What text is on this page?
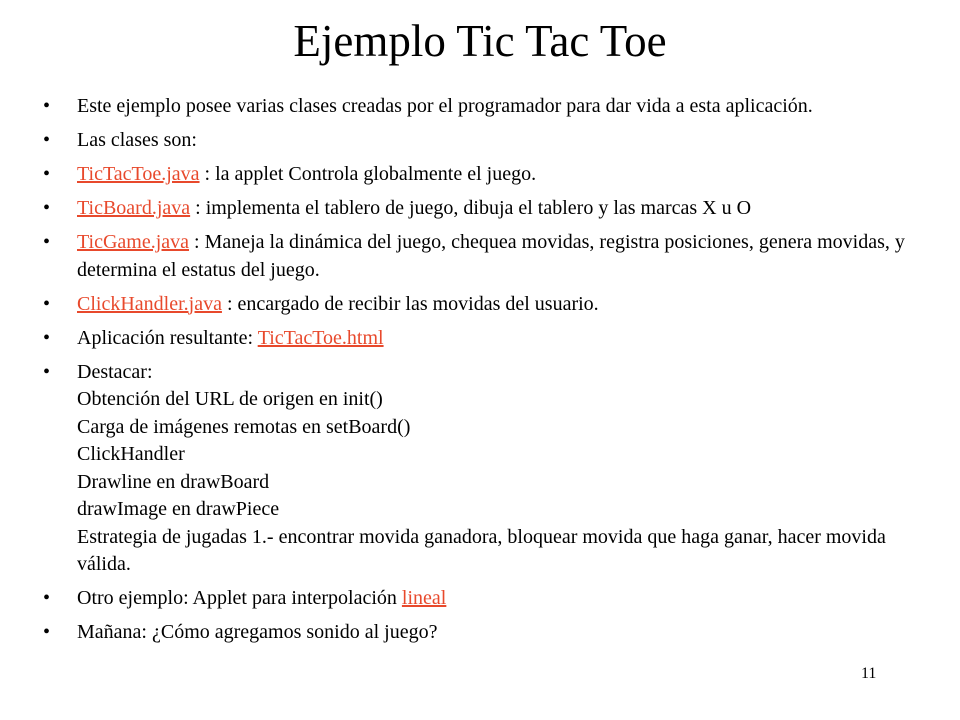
Ejemplo Tic Tac Toe
• Este ejemplo posee varias clases creadas por el programador para dar vida a esta aplicación.
• Las clases son:
• TicTacToe.java : la applet Controla globalmente el juego.
• TicBoard.java : implementa el tablero de juego, dibuja el tablero y las marcas X u O
• TicGame.java : Maneja la dinámica del juego, chequea movidas, registra posiciones, genera movidas, y determina el estatus del juego.
• ClickHandler.java : encargado de recibir las movidas del usuario.
• Aplicación resultante: TicTacToe.html
• Destacar:
Obtención del URL de origen en init()
Carga de imágenes remotas en setBoard()
ClickHandler
Drawline en drawBoard
drawImage en drawPiece
Estrategia de jugadas 1.- encontrar movida ganadora, bloquear movida que haga ganar, hacer movida válida.
• Otro ejemplo: Applet para interpolación lineal
• Mañana: ¿Cómo agregamos sonido al juego?
11
